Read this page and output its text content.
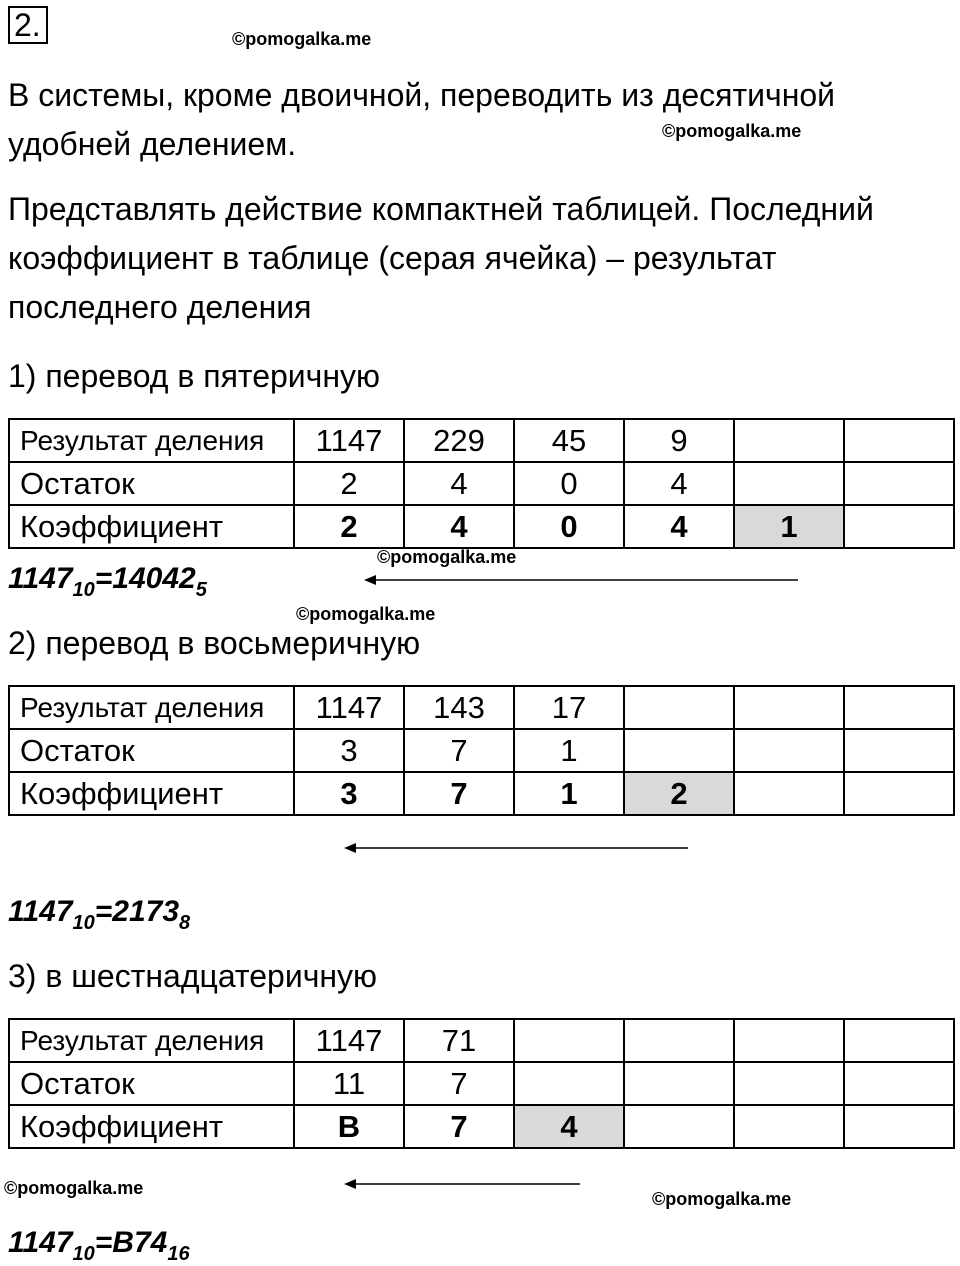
2.	©pomogalka.me
В системы, кроме двоичной, переводить из десятичной
удобней делением.	©pomogalka.me
Представлять действие компактней таблицей. Последний
коэффициент в таблице (серая ячейка) – результат
последнего деления
1) перевод в пятеричную
Результат деления	1147	229	45	9		
Остаток	2	4	0	4		
Коэффициент	2	4	0	4	1	
©pomogalka.me
$1147_{10}=14042_5$
©pomogalka.me
2) перевод в восьмеричную
Результат деления	1147	143	17			
Остаток	3	7	1			
Коэффициент	3	7	1	2		
$1147_{10}=2173_8$
3) в шестнадцатеричную
Результат деления	1147	71				
Остаток	11	7				
Коэффициент	B	7	4			
©pomogalka.me
©pomogalka.me
$1147_{10}=B74_{16}$
